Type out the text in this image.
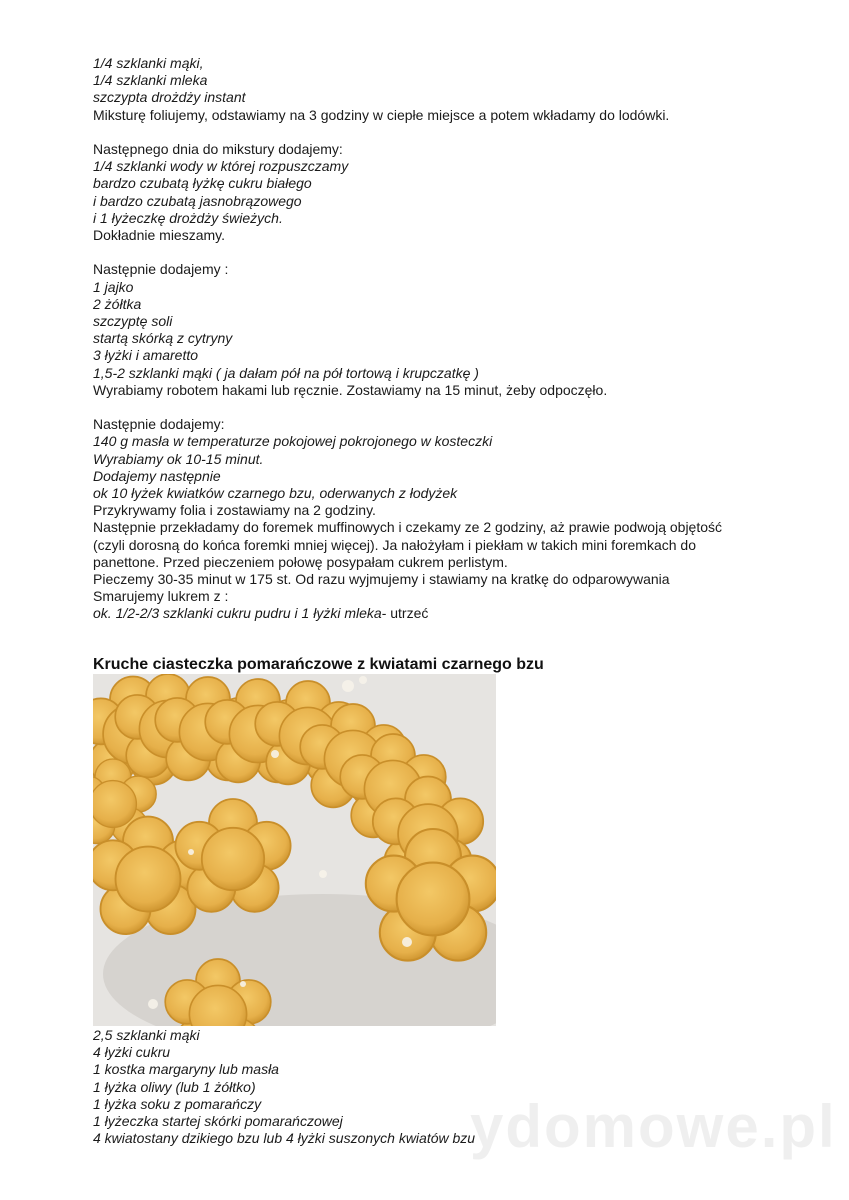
1/4 szklanki mąki,
1/4 szklanki mleka
szczypta drożdży instant
Miksturę foliujemy, odstawiamy na 3 godziny w ciepłe miejsce a potem wkładamy do lodówki.
Następnego dnia do mikstury dodajemy:
1/4 szklanki wody w której rozpuszczamy
bardzo czubatą łyżkę cukru białego
i bardzo czubatą jasnobrązowego
i 1 łyżeczkę drożdży świeżych.
Dokładnie mieszamy.
Następnie dodajemy :
1 jajko
2 żółtka
szczyptę soli
startą skórką z cytryny
3 łyżki i amaretto
1,5-2 szklanki mąki ( ja dałam pół na pół tortową i krupczatkę )
Wyrabiamy robotem hakami lub ręcznie. Zostawiamy na 15 minut, żeby odpoczęło.
Następnie dodajemy:
140 g masła w temperaturze pokojowej pokrojonego w kosteczki
Wyrabiamy ok 10-15 minut.
Dodajemy następnie
ok 10 łyżek kwiatków czarnego bzu, oderwanych z łodyżek
Przykrywamy folia i zostawiamy na 2 godziny.
Następnie przekładamy do foremek muffinowych i czekamy ze 2 godziny, aż prawie podwoją objętość
(czyli dorosną do końca foremki mniej więcej). Ja nałożyłam i piekłam w takich mini foremkach do
panettone. Przed pieczeniem połowę posypałam cukrem perlistym.
Pieczemy 30-35 minut w 175 st. Od razu wyjmujemy i stawiamy na kratkę do odparowywania
Smarujemy lukrem z :
ok. 1/2-2/3 szklanki cukru pudru i 1 łyżki mleka- utrzeć
Kruche ciasteczka pomarańczowe z kwiatami czarnego bzu
2,5 szklanki mąki
4 łyżki cukru
1 kostka margaryny lub masła
1 łyżka oliwy (lub 1 żółtko)
1 łyżka soku z pomarańczy
1 łyżeczka startej skórki pomarańczowej
4 kwiatostany dzikiego bzu lub 4 łyżki suszonych kwiatów bzu
ydomowe.pl
